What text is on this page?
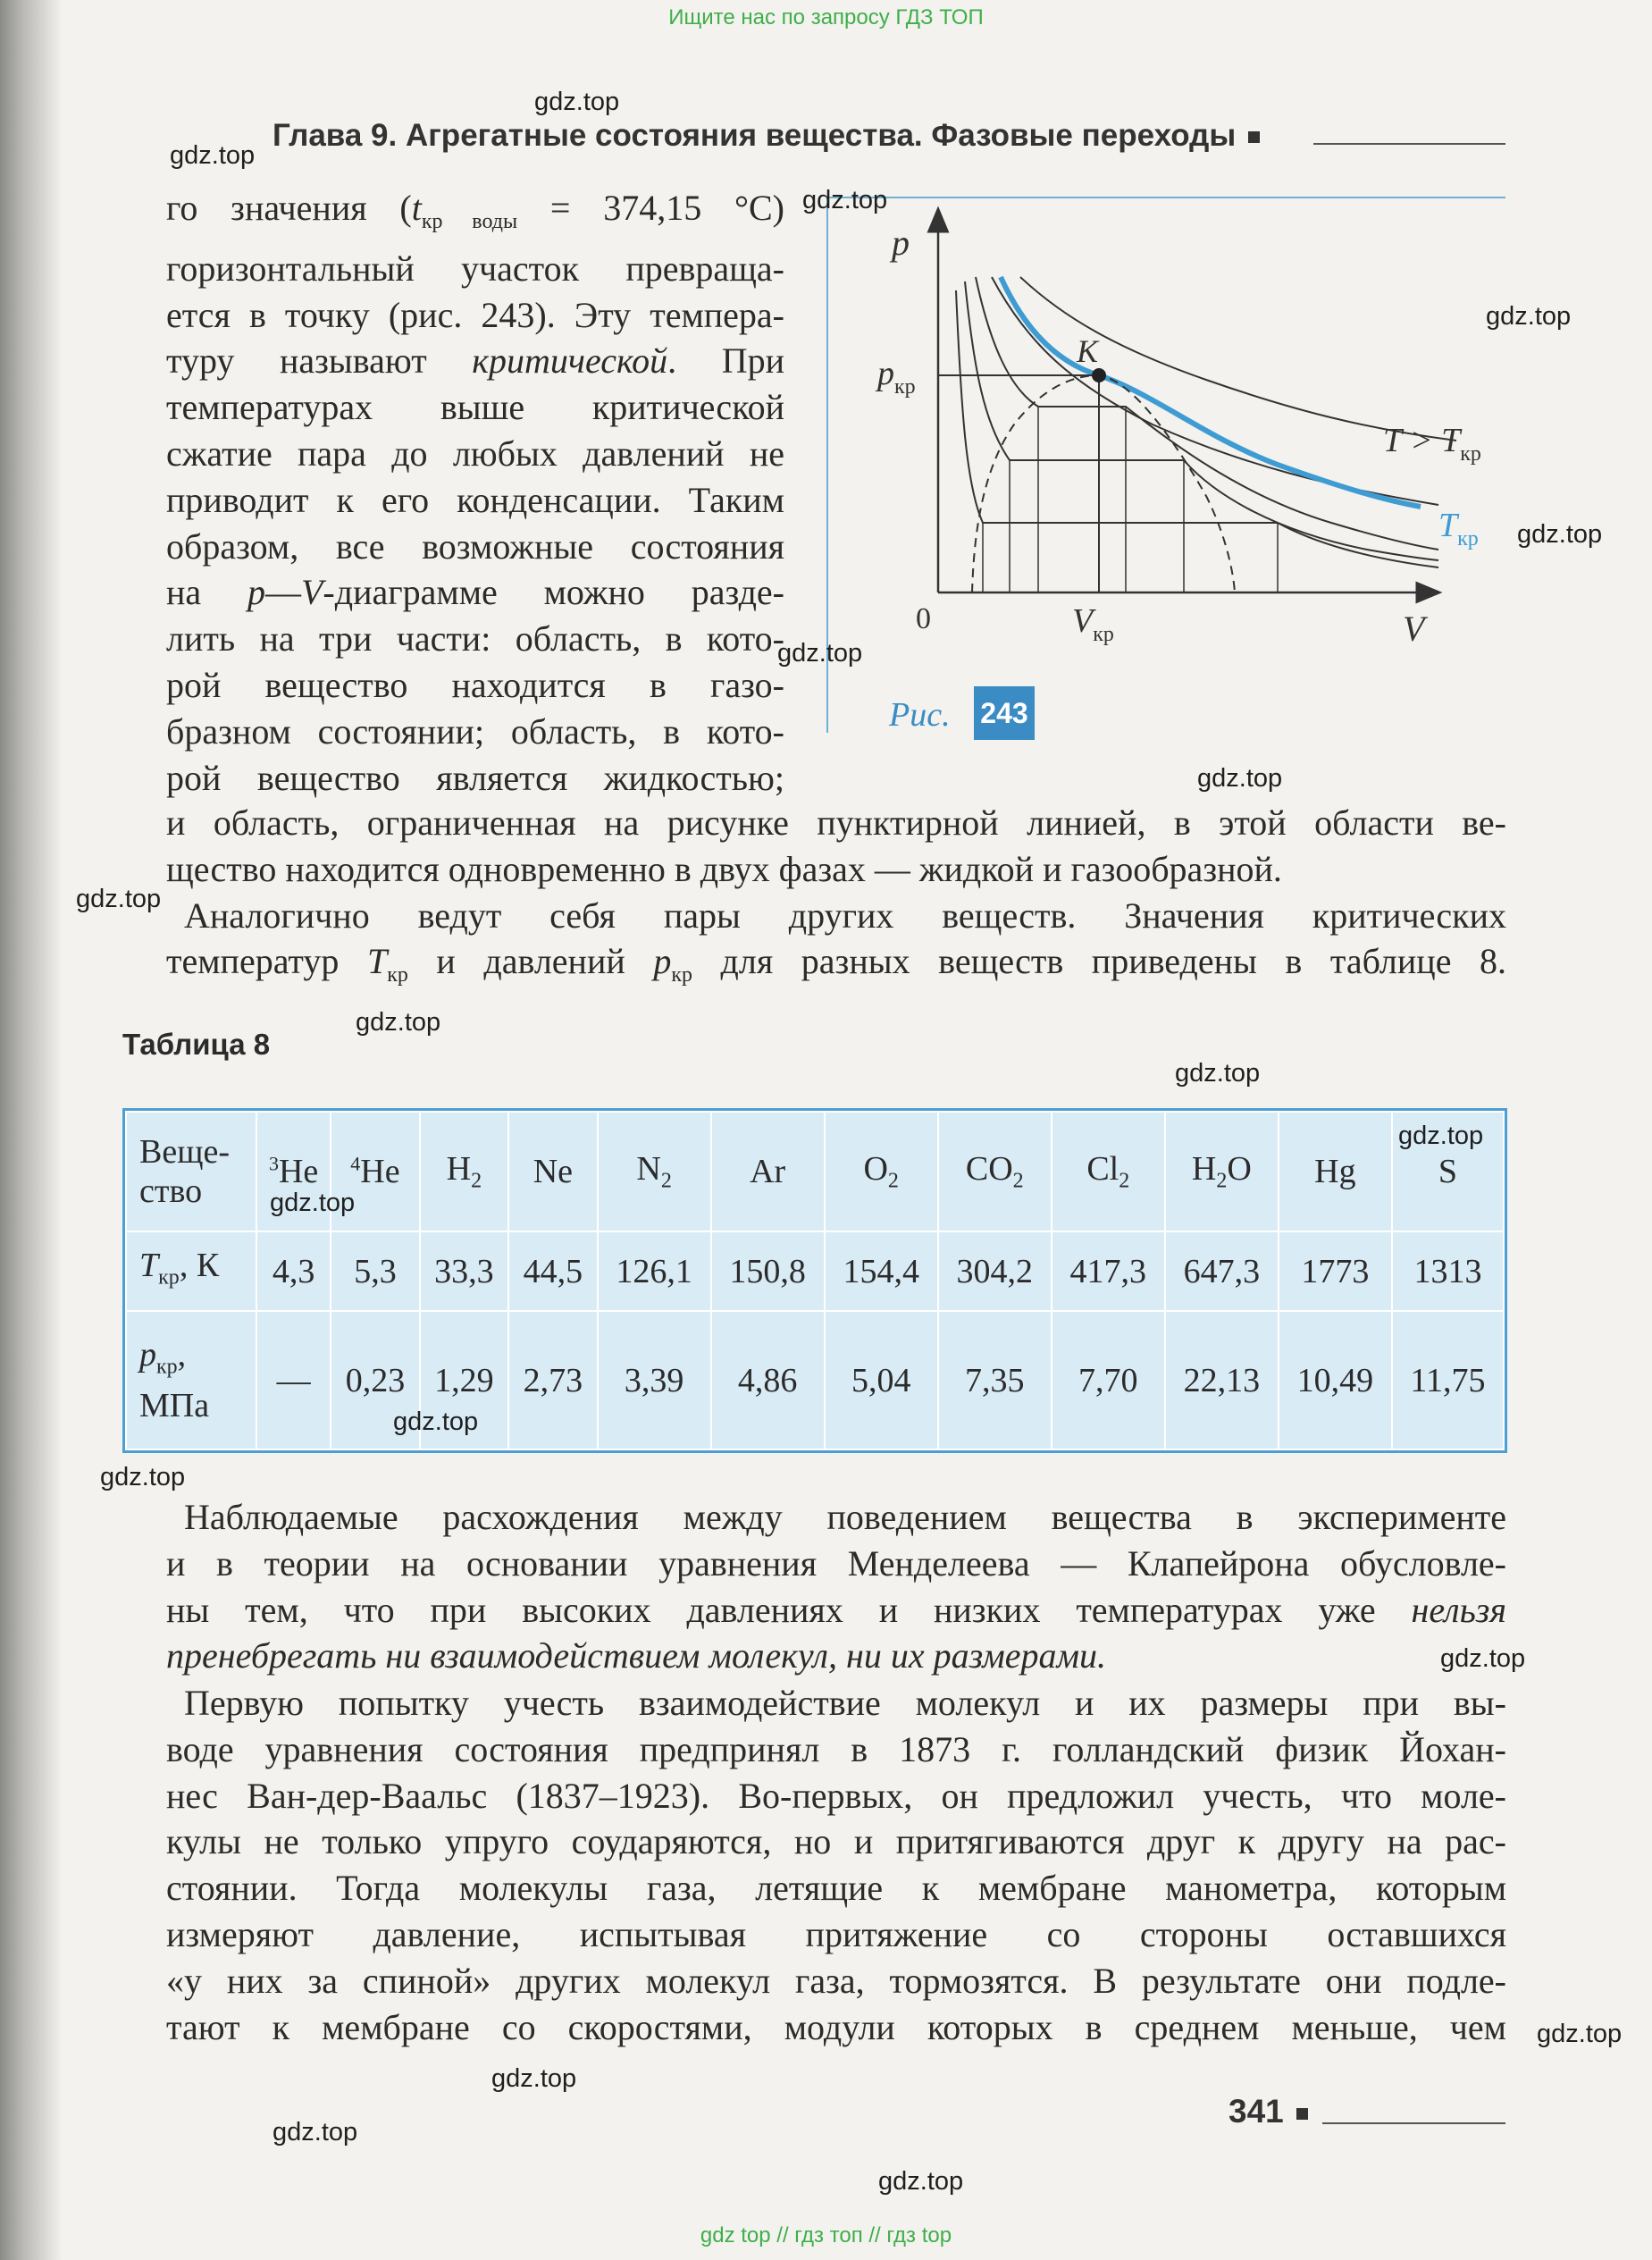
Ищите нас по запросу ГДЗ ТОП
Глава 9. Агрегатные состояния вещества. Фазовые переходы
го значения ($t_{кр воды} = 374,15$ °С)
горизонтальный участок превраща-
ется в точку (рис. 243). Эту темпера-
туру называют критической. При
температурах выше критической
сжатие пара до любых давлений не
приводит к его конденсации. Таким
образом, все возможные состояния
на p—V-диаграмме можно разде-
лить на три части: область, в кото-
рой вещество находится в газо-
бразном состоянии; область, в кото-
рой вещество является жидкостью;
p
V
0
K
$p_{кр}$
$V_{кр}$
$T > T_{кр}$
$T_{кр}$
Рис. 243
и область, ограниченная на рисунке пунктирной линией, в этой области ве-
щество находится одновременно в двух фазах — жидкой и газообразной.
Аналогично ведут себя пары других веществ. Значения критических
температур $T_{кр}$ и давлений $p_{кр}$ для разных веществ приведены в таблице 8.
Таблица 8
Веще-
ство	$^3$He	$^4$He	$H_2$	Ne	$N_2$	Ar	$O_2$	$CO_2$	$Cl_2$	$H_2O$	Hg	S
$T_{кр}$, К	4,3	5,3	33,3	44,5	126,1	150,8	154,4	304,2	417,3	647,3	1773	1313
$p_{кр}$,
МПа	—	0,23	1,29	2,73	3,39	4,86	5,04	7,35	7,70	22,13	10,49	11,75
Наблюдаемые расхождения между поведением вещества в эксперименте
и в теории на основании уравнения Менделеева — Клапейрона обусловле-
ны тем, что при высоких давлениях и низких температурах уже нельзя
пренебрегать ни взаимодействием молекул, ни их размерами.
Первую попытку учесть взаимодействие молекул и их размеры при вы-
воде уравнения состояния предпринял в 1873 г. голландский физик Йохан-
нес Ван-дер-Ваальс (1837–1923). Во-первых, он предложил учесть, что моле-
кулы не только упруго соударяются, но и притягиваются друг к другу на рас-
стоянии. Тогда молекулы газа, летящие к мембране манометра, которым
измеряют давление, испытывая притяжение со стороны оставшихся
«у них за спиной» других молекул газа, тормозятся. В результате они подле-
тают к мембране со скоростями, модули которых в среднем меньше, чем
341
gdz.top
gdz.top
gdz.top
gdz.top
gdz.top
gdz.top
gdz.top
gdz.top
gdz.top
gdz.top
gdz.top
gdz.top
gdz.top
gdz.top
gdz.top
gdz.top
gdz.top
gdz.top
gdz.top
gdz top // гдз топ // гдз top
